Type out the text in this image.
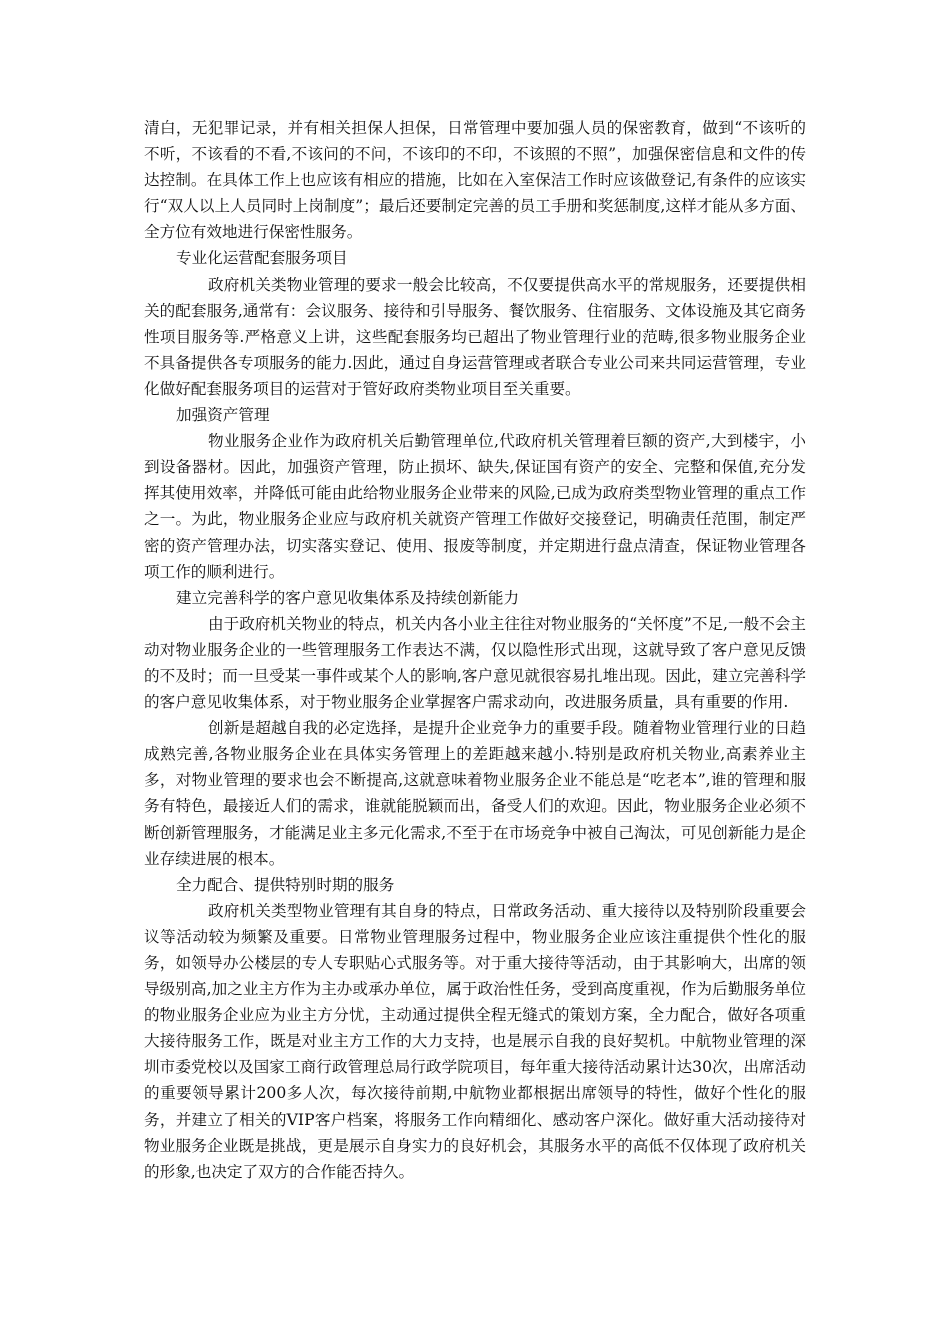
清白，无犯罪记录，并有相关担保人担保，日常管理中要加强人员的保密教育，做到“不该听的不听，不该看的不看,不该问的不问，不该印的不印，不该照的不照”，加强保密信息和文件的传达控制。在具体工作上也应该有相应的措施，比如在入室保洁工作时应该做登记,有条件的应该实行“双人以上人员同时上岗制度”；最后还要制定完善的员工手册和奖惩制度,这样才能从多方面、全方位有效地进行保密性服务。

专业化运营配套服务项目

政府机关类物业管理的要求一般会比较高，不仅要提供高水平的常规服务，还要提供相关的配套服务,通常有：会议服务、接待和引导服务、餐饮服务、住宿服务、文体设施及其它商务性项目服务等.严格意义上讲，这些配套服务均已超出了物业管理行业的范畴,很多物业服务企业不具备提供各专项服务的能力.因此，通过自身运营管理或者联合专业公司来共同运营管理，专业化做好配套服务项目的运营对于管好政府类物业项目至关重要。

加强资产管理

物业服务企业作为政府机关后勤管理单位,代政府机关管理着巨额的资产,大到楼宇，小到设备器材。因此，加强资产管理，防止损坏、缺失,保证国有资产的安全、完整和保值,充分发挥其使用效率，并降低可能由此给物业服务企业带来的风险,已成为政府类型物业管理的重点工作之一。为此，物业服务企业应与政府机关就资产管理工作做好交接登记，明确责任范围，制定严密的资产管理办法，切实落实登记、使用、报废等制度，并定期进行盘点清查，保证物业管理各项工作的顺利进行。

建立完善科学的客户意见收集体系及持续创新能力

由于政府机关物业的特点，机关内各小业主往往对物业服务的“关怀度”不足,一般不会主动对物业服务企业的一些管理服务工作表达不满，仅以隐性形式出现，这就导致了客户意见反馈的不及时；而一旦受某一事件或某个人的影响,客户意见就很容易扎堆出现。因此，建立完善科学的客户意见收集体系，对于物业服务企业掌握客户需求动向，改进服务质量，具有重要的作用.

创新是超越自我的必定选择，是提升企业竞争力的重要手段。随着物业管理行业的日趋成熟完善,各物业服务企业在具体实务管理上的差距越来越小.特别是政府机关物业,高素养业主多，对物业管理的要求也会不断提高,这就意味着物业服务企业不能总是“吃老本”,谁的管理和服务有特色，最接近人们的需求，谁就能脱颖而出，备受人们的欢迎。因此，物业服务企业必须不断创新管理服务，才能满足业主多元化需求,不至于在市场竞争中被自己淘汰，可见创新能力是企业存续进展的根本。

全力配合、提供特别时期的服务

政府机关类型物业管理有其自身的特点，日常政务活动、重大接待以及特别阶段重要会议等活动较为频繁及重要。日常物业管理服务过程中，物业服务企业应该注重提供个性化的服务，如领导办公楼层的专人专职贴心式服务等。对于重大接待等活动，由于其影响大，出席的领导级别高,加之业主方作为主办或承办单位，属于政治性任务，受到高度重视，作为后勤服务单位的物业服务企业应为业主方分忧，主动通过提供全程无缝式的策划方案，全力配合，做好各项重大接待服务工作，既是对业主方工作的大力支持，也是展示自我的良好契机。中航物业管理的深圳市委党校以及国家工商行政管理总局行政学院项目，每年重大接待活动累计达30次，出席活动的重要领导累计200多人次，每次接待前期,中航物业都根据出席领导的特性，做好个性化的服务，并建立了相关的VIP客户档案，将服务工作向精细化、感动客户深化。做好重大活动接待对物业服务企业既是挑战，更是展示自身实力的良好机会，其服务水平的高低不仅体现了政府机关的形象,也决定了双方的合作能否持久。
